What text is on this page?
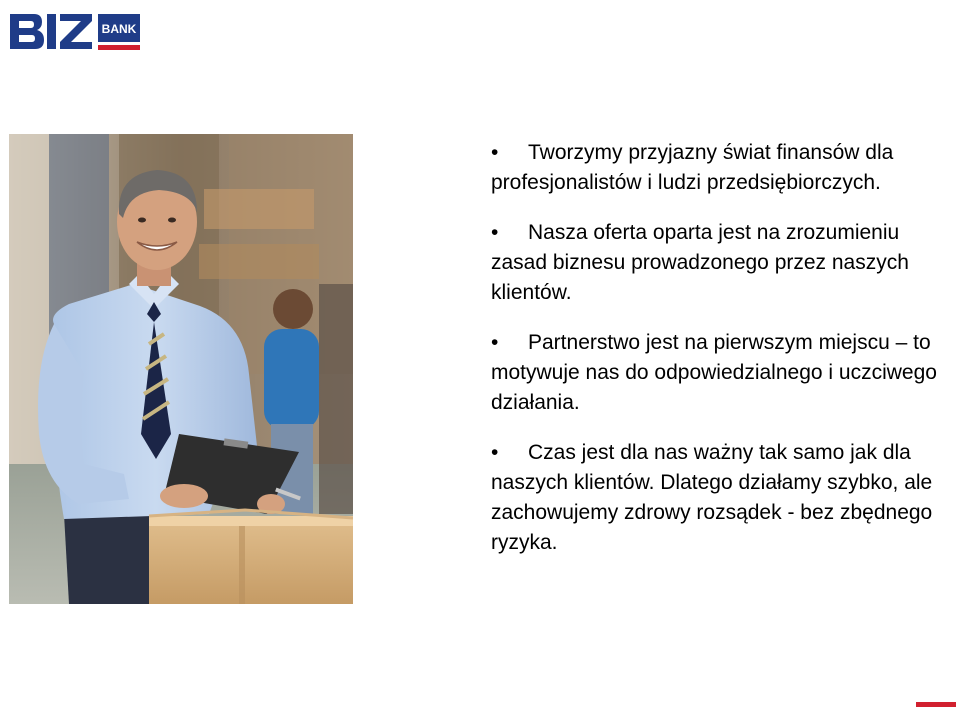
BANK
• Tworzymy przyjazny świat finansów dla profesjonalistów i ludzi przedsiębiorczych.
• Nasza oferta oparta jest na zrozumieniu zasad biznesu prowadzonego przez naszych klientów.
• Partnerstwo jest na pierwszym miejscu – to motywuje nas do odpowiedzialnego i uczciwego działania.
• Czas jest dla nas ważny tak samo jak dla naszych klientów. Dlatego działamy szybko, ale zachowujemy zdrowy rozsądek - bez zbędnego ryzyka.
